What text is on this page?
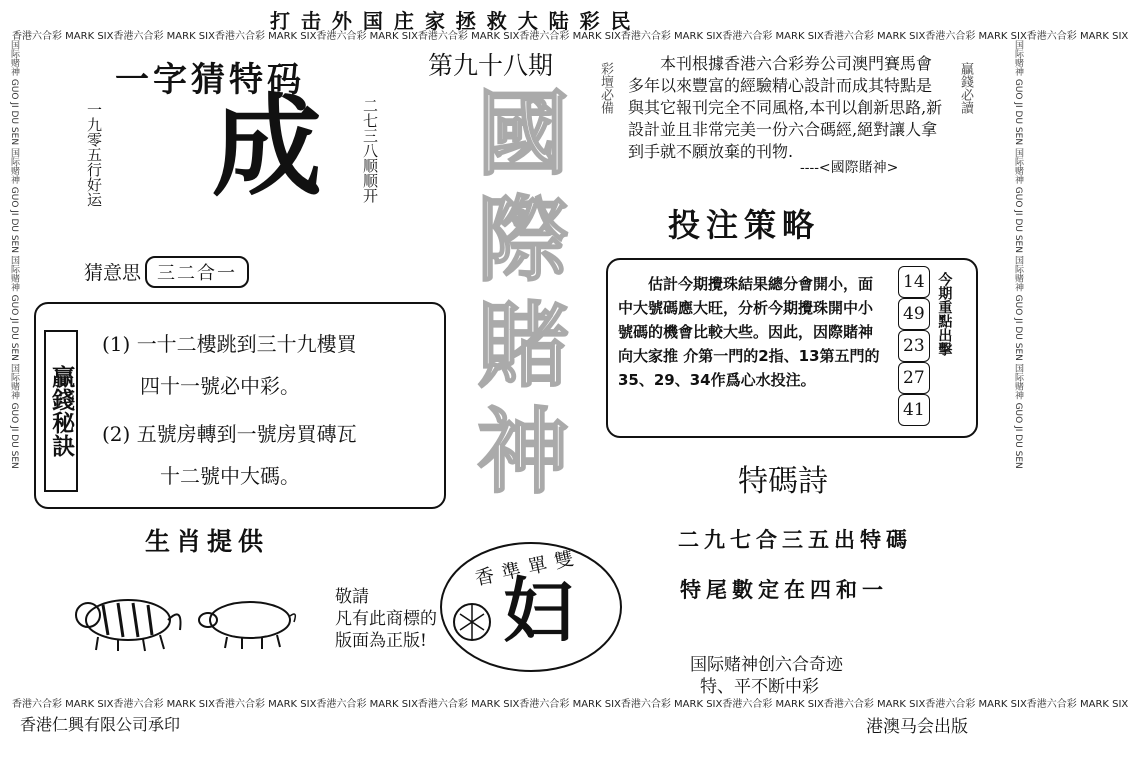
打 击 外 国 庄 家 拯 救 大 陆 彩 民
香港六合彩 MARK SIX香港六合彩 MARK SIX香港六合彩 MARK SIX香港六合彩 MARK SIX香港六合彩 MARK SIX香港六合彩 MARK SIX香港六合彩 MARK SIX香港六合彩 MARK SIX香港六合彩 MARK SIX香港六合彩 MARK SIX香港六合彩 MARK SIX
国际赌神 GUO JI DU SEN 国际赌神 GUO JI DU SEN 国际赌神 GUO JI DU SEN 国际赌神 GUO JI DU SEN	国际赌神 GUO JI DU SEN 国际赌神 GUO JI DU SEN 国际赌神 GUO JI DU SEN 国际赌神 GUO JI DU SEN
一字猜特码
一九零五行好运 成	二七三八顺顺开
猜意思 三二合一
第九十八期
國際賭神 彩壇必備	本刊根據香港六合彩券公司澳門賽馬會多年以來豐富的經驗精心設計而成其特點是與其它報刊完全不同風格,本刊以創新思路,新設計並且非常完美一份六合碼經,絕對讓人拿到手就不願放棄的刊物.
----<國際賭神>
贏錢必讀
贏錢秘訣
(1) 一十二樓跳到三十九樓買
四十一號必中彩。
(2) 五號房轉到一號房買磚瓦
十二號中大碼。
投注策略
估計今期攪珠結果總分會開小，面中大號碼應大旺，分析今期攪珠開中小號碼的機會比較大些。因此，因際賭神向大家推 介第一門的2指、13第五門的35、29、34作爲心水投注。
14
49
23
27
41
今期重點出擊
生肖提供
敬請
凡有此商標的
版面為正版!
香準單雙
妇
特碼詩
二九七合三五出特碼
特尾數定在四和一
国际赌神创六合奇迹
特、平不断中彩
香港六合彩 MARK SIX香港六合彩 MARK SIX香港六合彩 MARK SIX香港六合彩 MARK SIX香港六合彩 MARK SIX香港六合彩 MARK SIX香港六合彩 MARK SIX香港六合彩 MARK SIX香港六合彩 MARK SIX香港六合彩 MARK SIX香港六合彩 MARK SIX
香港仁興有限公司承印	港澳马会出版
